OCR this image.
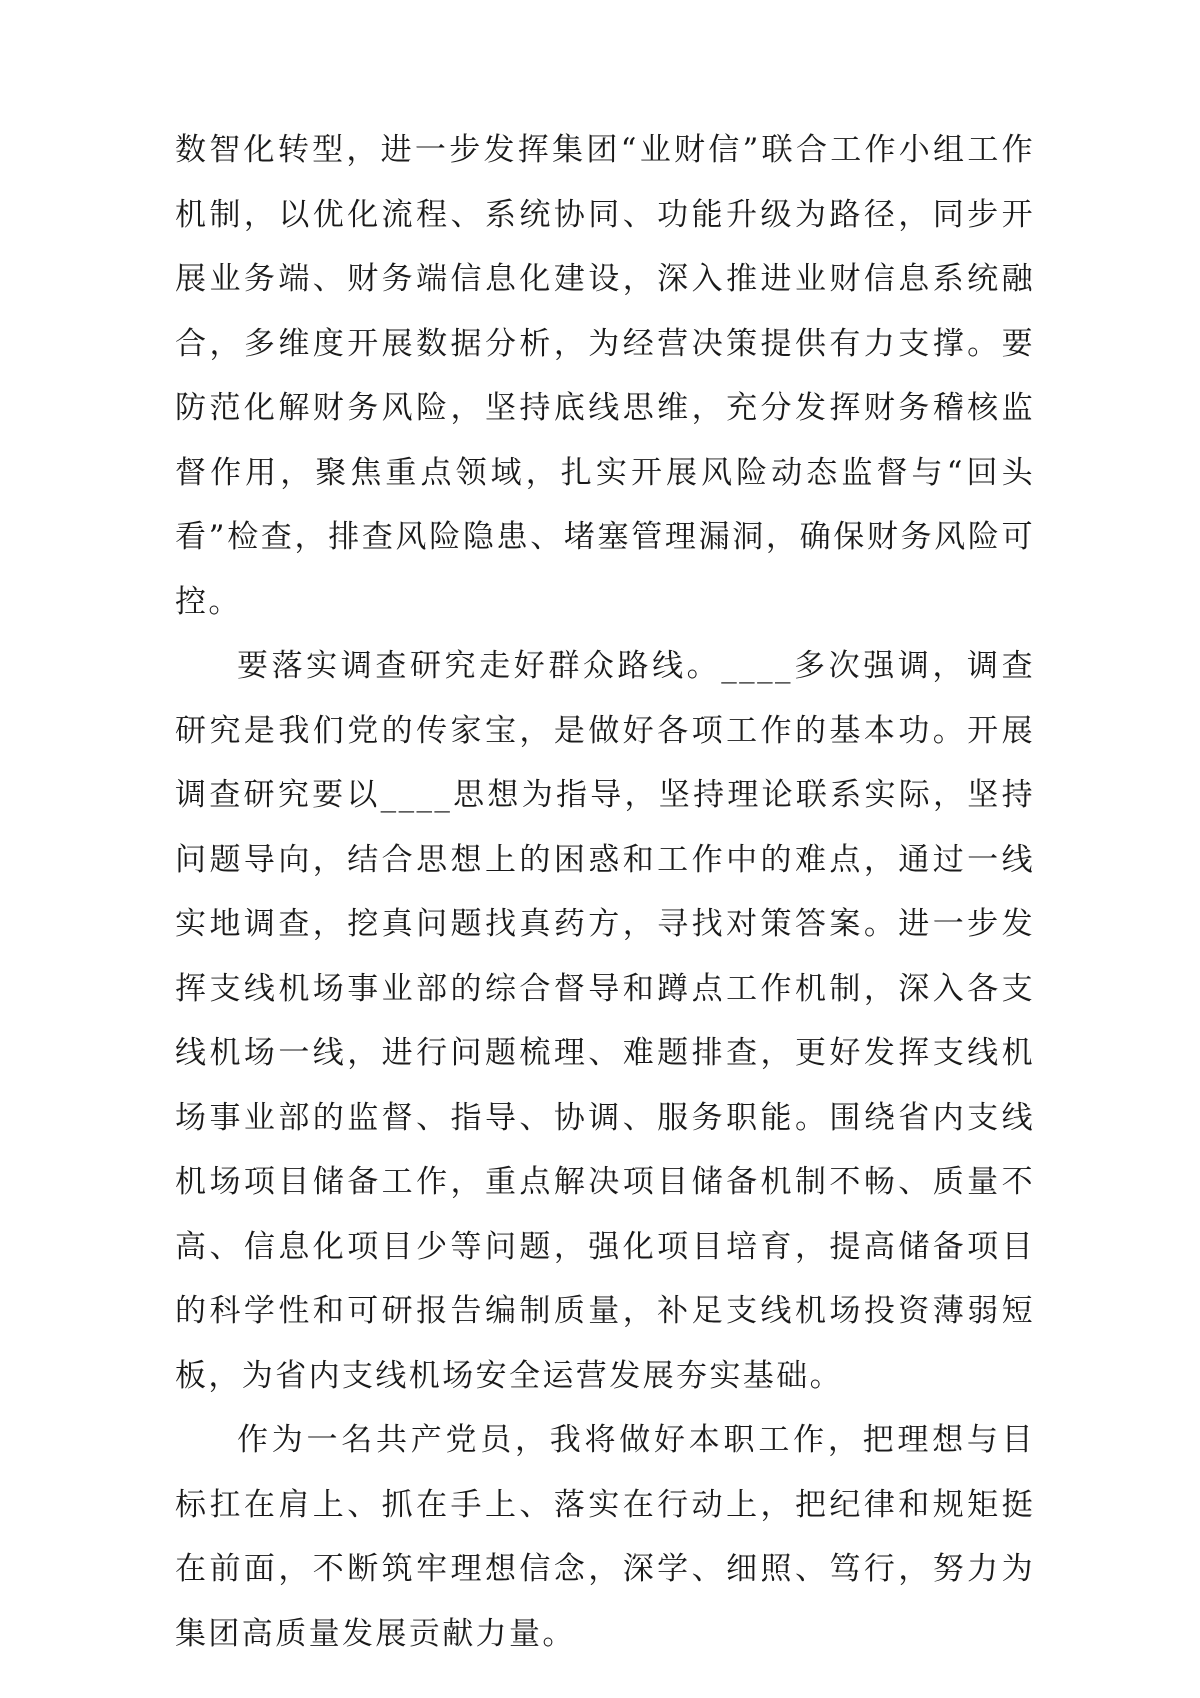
数智化转型，进一步发挥集团“业财信”联合工作小组工作机制，以优化流程、系统协同、功能升级为路径，同步开展业务端、财务端信息化建设，深入推进业财信息系统融合，多维度开展数据分析，为经营决策提供有力支撑。要防范化解财务风险，坚持底线思维，充分发挥财务稽核监督作用，聚焦重点领域，扎实开展风险动态监督与“回头看”检查，排查风险隐患、堵塞管理漏洞，确保财务风险可控。

要落实调查研究走好群众路线。____多次强调，调查研究是我们党的传家宝，是做好各项工作的基本功。开展调查研究要以____思想为指导，坚持理论联系实际，坚持问题导向，结合思想上的困惑和工作中的难点，通过一线实地调查，挖真问题找真药方，寻找对策答案。进一步发挥支线机场事业部的综合督导和蹲点工作机制，深入各支线机场一线，进行问题梳理、难题排查，更好发挥支线机场事业部的监督、指导、协调、服务职能。围绕省内支线机场项目储备工作，重点解决项目储备机制不畅、质量不高、信息化项目少等问题，强化项目培育，提高储备项目的科学性和可研报告编制质量，补足支线机场投资薄弱短板，为省内支线机场安全运营发展夯实基础。

作为一名共产党员，我将做好本职工作，把理想与目标扛在肩上、抓在手上、落实在行动上，把纪律和规矩挺在前面，不断筑牢理想信念，深学、细照、笃行，努力为集团高质量发展贡献力量。
